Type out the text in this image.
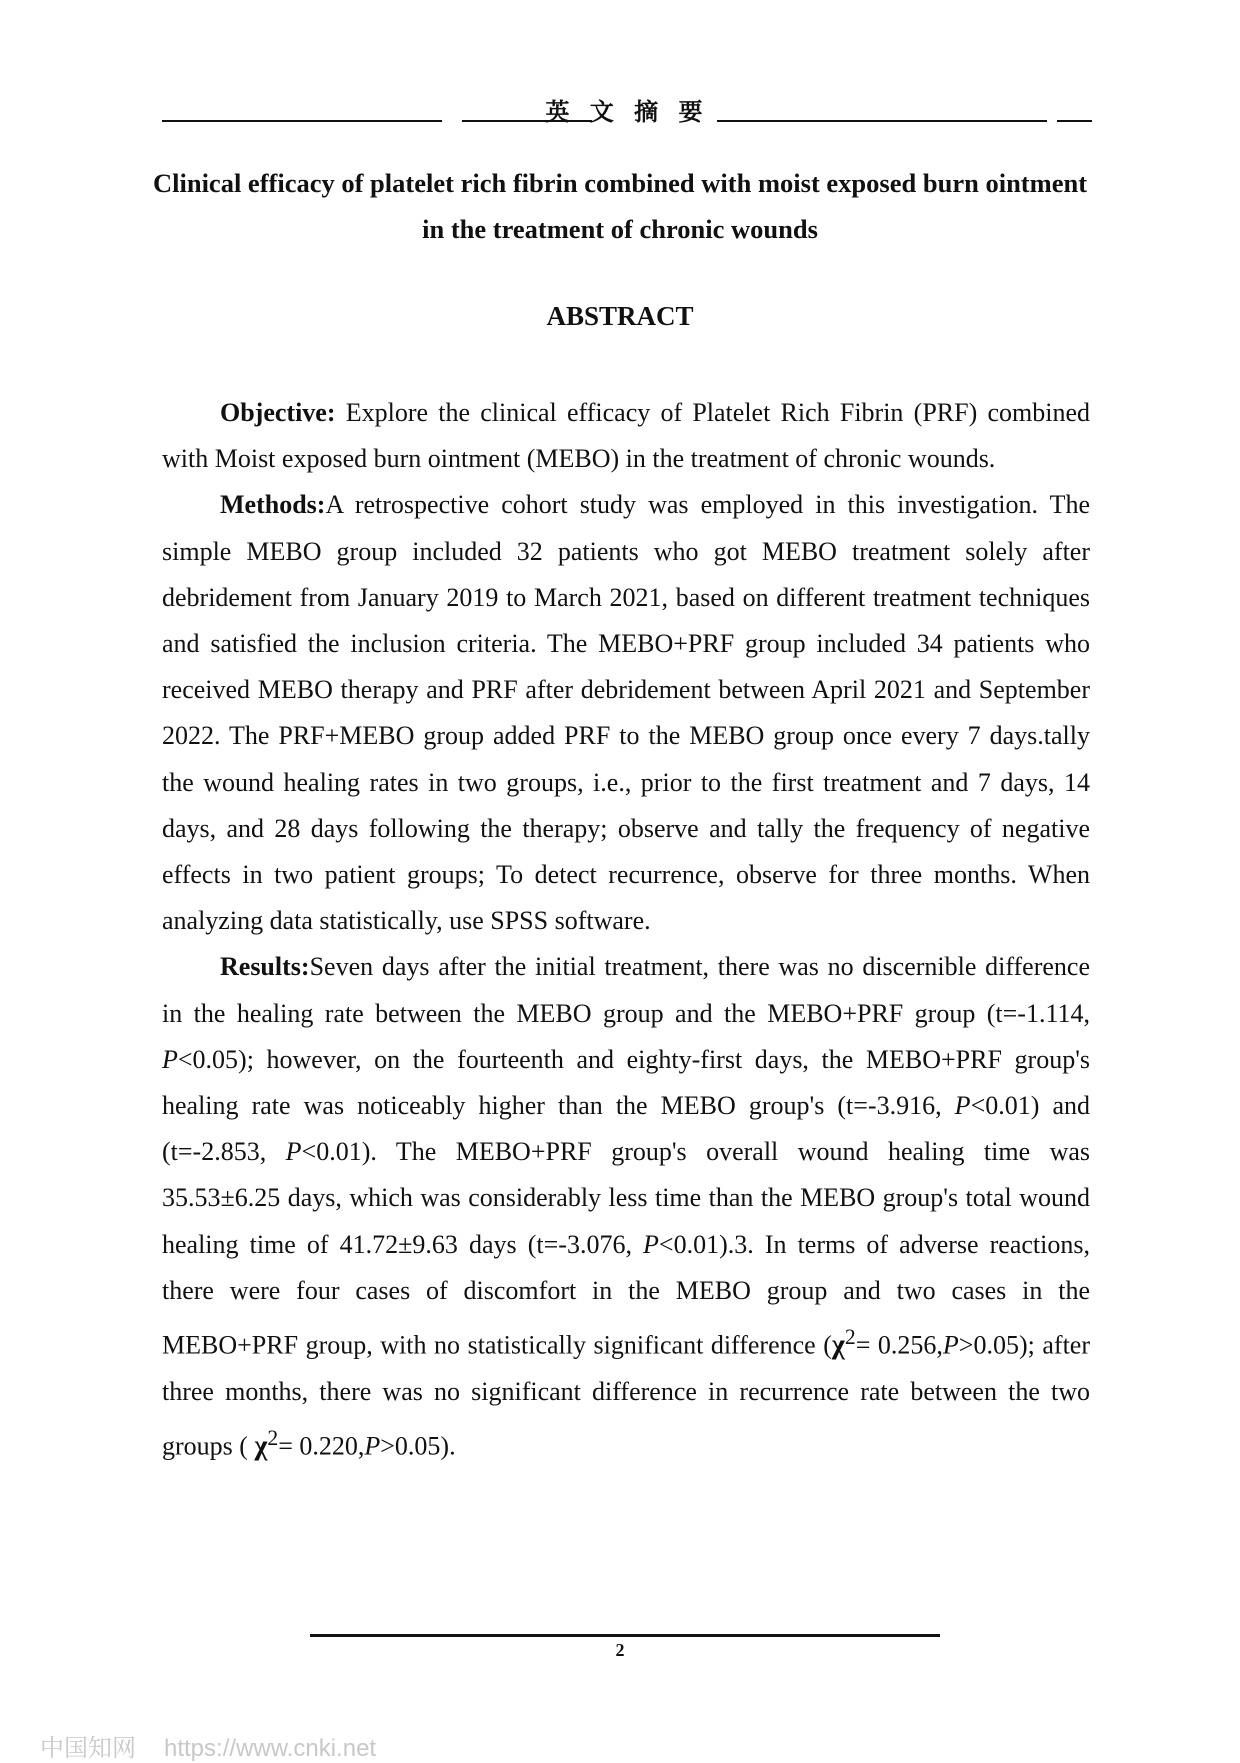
英 文 摘 要
Clinical efficacy of platelet rich fibrin combined with moist exposed burn ointment in the treatment of chronic wounds
ABSTRACT

Objective: Explore the clinical efficacy of Platelet Rich Fibrin (PRF) combined with Moist exposed burn ointment (MEBO) in the treatment of chronic wounds.

Methods:A retrospective cohort study was employed in this investigation. The simple MEBO group included 32 patients who got MEBO treatment solely after debridement from January 2019 to March 2021, based on different treatment techniques and satisfied the inclusion criteria. The MEBO+PRF group included 34 patients who received MEBO therapy and PRF after debridement between April 2021 and September 2022. The PRF+MEBO group added PRF to the MEBO group once every 7 days.tally the wound healing rates in two groups, i.e., prior to the first treatment and 7 days, 14 days, and 28 days following the therapy; observe and tally the frequency of negative effects in two patient groups; To detect recurrence, observe for three months. When analyzing data statistically, use SPSS software.

Results:Seven days after the initial treatment, there was no discernible difference in the healing rate between the MEBO group and the MEBO+PRF group (t=-1.114, P<0.05); however, on the fourteenth and eighty-first days, the MEBO+PRF group's healing rate was noticeably higher than the MEBO group's (t=-3.916, P<0.01) and (t=-2.853, P<0.01). The MEBO+PRF group's overall wound healing time was 35.53±6.25 days, which was considerably less time than the MEBO group's total wound healing time of 41.72±9.63 days (t=-3.076, P<0.01).3. In terms of adverse reactions, there were four cases of discomfort in the MEBO group and two cases in the MEBO+PRF group, with no statistically significant difference $(\chi^2= 0.256,P>0.05)$; after three months, there was no significant difference in recurrence rate between the two groups ( $\chi^2= 0.220,P>0.05$).

2
中国知网 https://www.cnki.net
